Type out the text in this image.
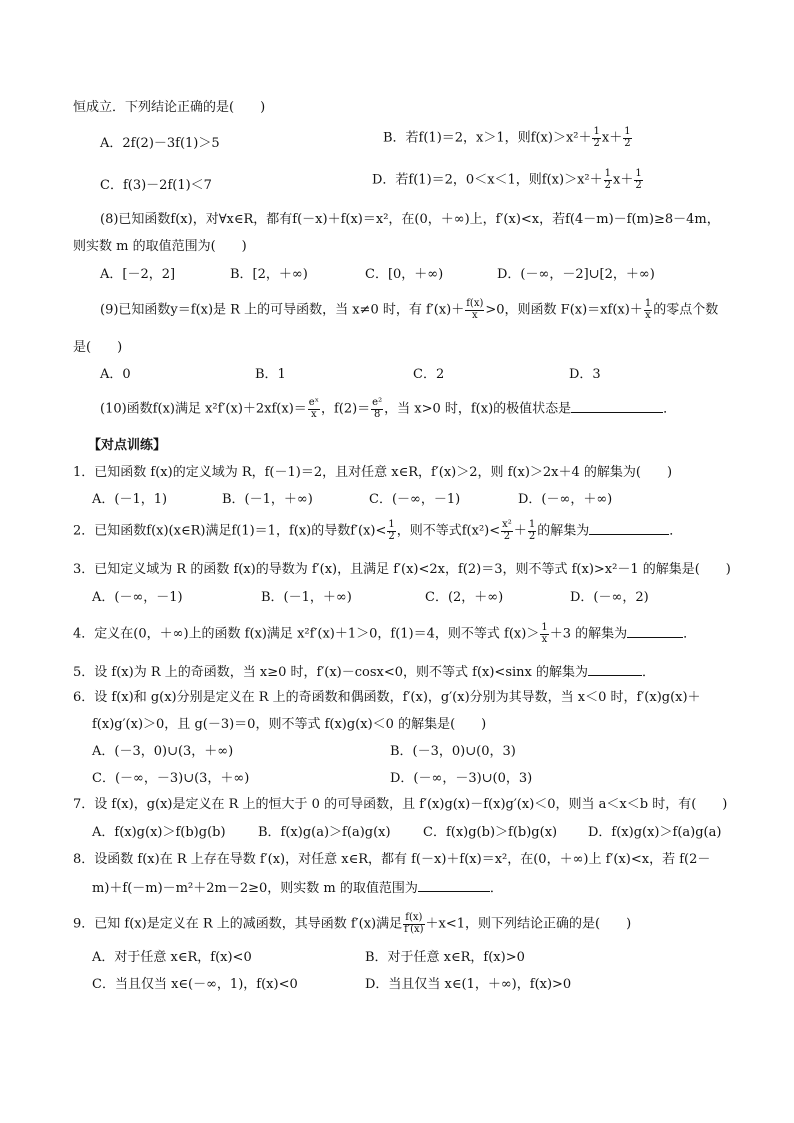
恒成立．下列结论正确的是(　　)
A．2f(2)－3f(1)＞5	B．若f(1)＝2，x＞1，则$f(x)>x^2+ \frac{1}{2} x+ \frac{1}{2}$
C．f(3)－2f(1)＜7	D．若f(1)＝2，0＜x＜1，则$f(x)>x^2+ \frac{1}{2} x+ \frac{1}{2}$
(8)已知函数f(x)，对∀x∈R，都有f(－x)＋f(x)＝x²，在(0，＋∞)上，f′(x)<x，若f(4－m)－f(m)≥8－4m，
则实数 m 的取值范围为(　　)
A．[－2，2]	B．[2，＋∞)	C．[0，＋∞)	D．(－∞，－2]∪[2，＋∞)
(9)已知函数y＝f(x)是 R 上的可导函数，当 x≠0 时，有 $f'(x)+ \frac{f(x)}{x} >0$，则函数 $F(x)=xf(x)+ \frac{1}{x}$ 的零点个数
是(　　)
A．0	B．1	C．2	D．3
(10)函数f(x)满足 $x^2f'(x)+2xf(x)= \frac{\text{eˣ}}{x}$ ，$f(2)= \frac{\text{e²}}{8}$ ，当 x>0 时，f(x)的极值状态是	．
【对点训练】
1．已知函数 f(x)的定义域为 R，f(－1)＝2，且对任意 x∈R，f′(x)＞2，则 f(x)＞2x＋4 的解集为(　　)
A．(－1，1)	B．(－1，＋∞)	C．(－∞，－1)	D．(－∞，＋∞)
2．已知函数f(x)(x∈R)满足f(1)＝1，f(x)的导数$f'(x)< \frac{1}{2}$ ，则不等式$f(x^2)< \frac{\text{x²}}{2} + \frac{1}{2}$ 的解集为	．
3．已知定义域为 R 的函数 f(x)的导数为 f′(x)，且满足 f′(x)<2x，f(2)＝3，则不等式 f(x)>x²－1 的解集是(　　)
A．(－∞，－1)	B．(－1，＋∞)	C．(2，＋∞)	D．(－∞，2)
4．定义在(0，＋∞)上的函数 f(x)满足 x²f′(x)＋1＞0，f(1)＝4，则不等式 $f(x)> \frac{1}{x} +3$ 的解集为	．
5．设 f(x)为 R 上的奇函数，当 x≥0 时，f′(x)－cosx<0，则不等式 f(x)<sinx 的解集为	．
6．设 f(x)和 g(x)分别是定义在 R 上的奇函数和偶函数，f′(x)，g′(x)分别为其导数，当 x＜0 时，f′(x)g(x)＋
f(x)g′(x)＞0，且 g(－3)＝0，则不等式 f(x)g(x)＜0 的解集是(　　)
A．(－3，0)∪(3，＋∞)	B．(－3，0)∪(0，3)
C．(－∞，－3)∪(3，＋∞)	D．(－∞，－3)∪(0，3)
7．设 f(x)，g(x)是定义在 R 上的恒大于 0 的可导函数，且 f′(x)g(x)－f(x)g′(x)＜0，则当 a＜x＜b 时，有(　　)
A．f(x)g(x)＞f(b)g(b) B．f(x)g(a)＞f(a)g(x) C．f(x)g(b)＞f(b)g(x) D．f(x)g(x)＞f(a)g(a)
8．设函数 f(x)在 R 上存在导数 f′(x)，对任意 x∈R，都有 f(－x)＋f(x)＝x²，在(0，＋∞)上 f′(x)<x，若 f(2－
m)＋f(－m)－m²＋2m－2≥0，则实数 m 的取值范围为	．
9．已知 f(x)是定义在 R 上的减函数，其导函数 f′(x)满足 $\frac{f(x)}{f'(x)} +x<1$，则下列结论正确的是(　　)
A．对于任意 x∈R，f(x)<0	B．对于任意 x∈R，f(x)>0
C．当且仅当 x∈(－∞，1)，f(x)<0	D．当且仅当 x∈(1，＋∞)，f(x)>0
